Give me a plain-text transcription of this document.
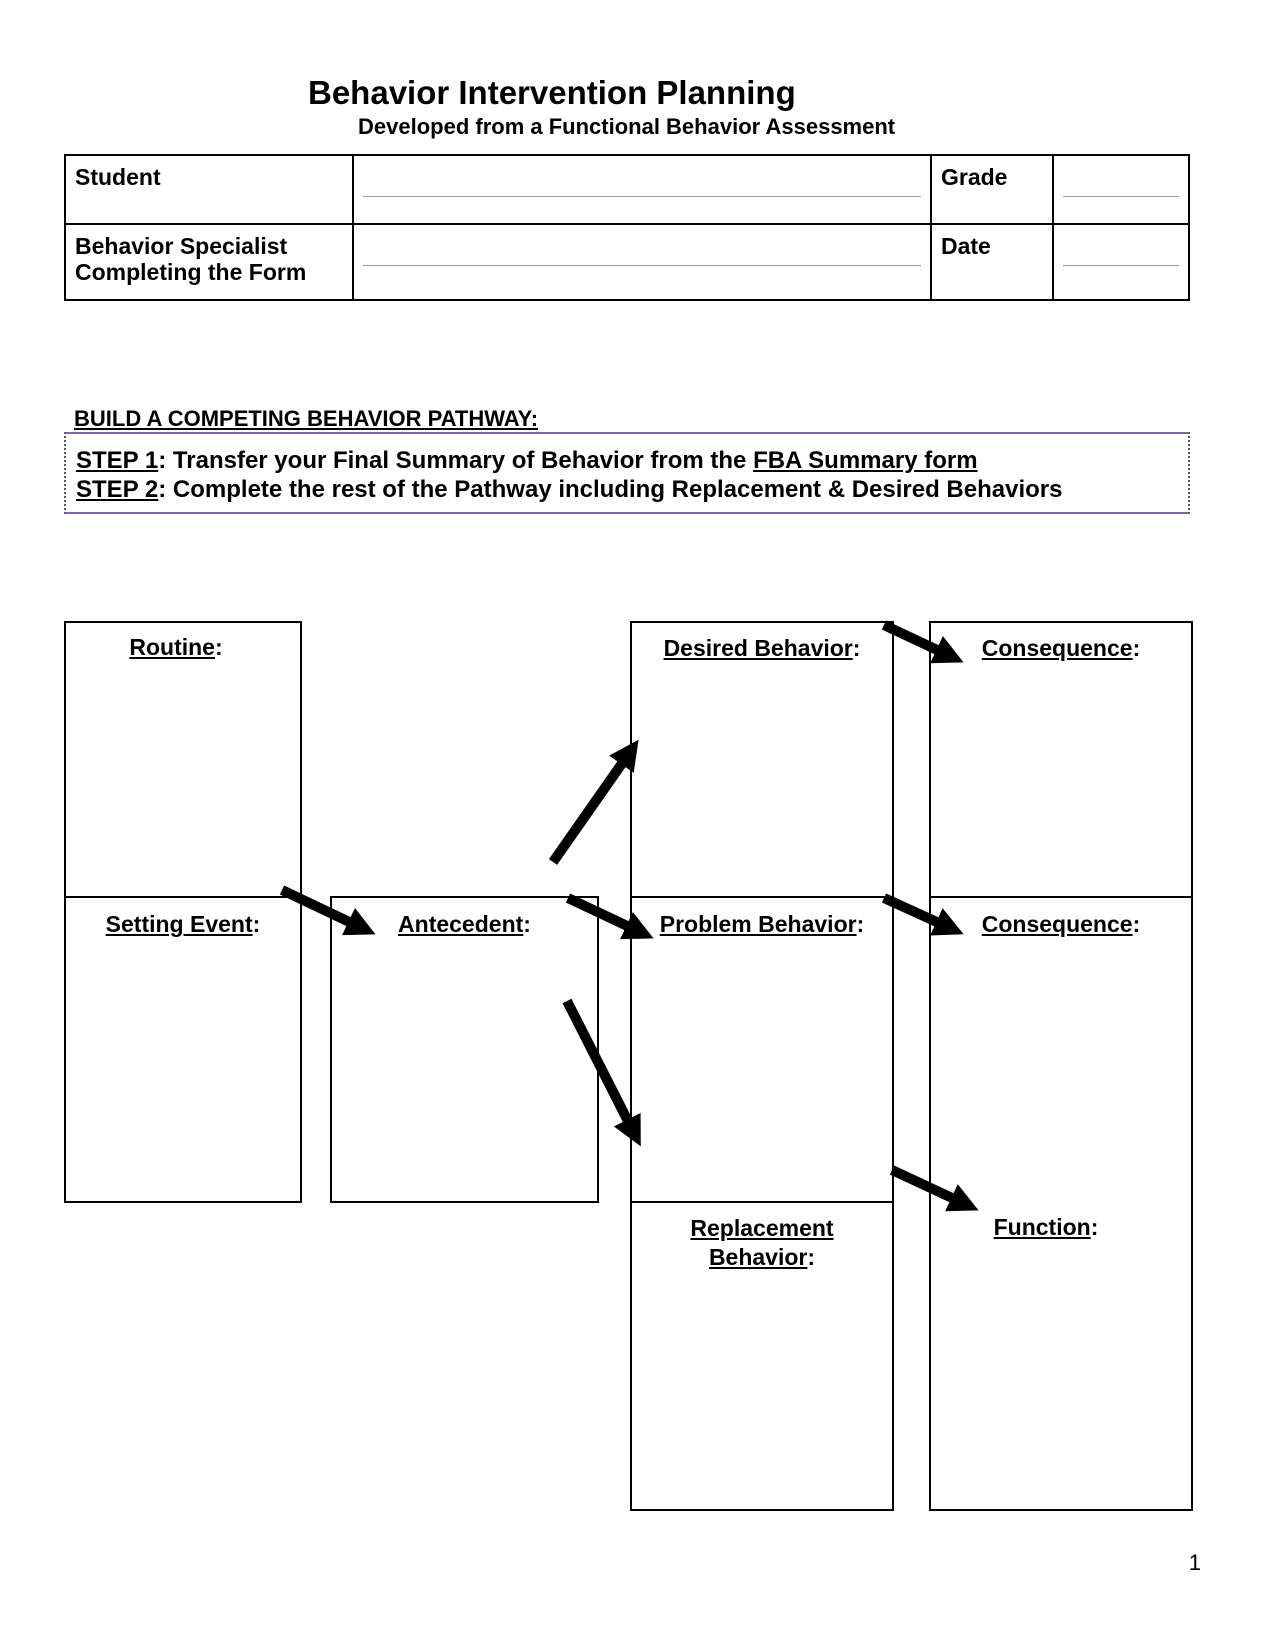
Behavior Intervention Planning
Developed from a Functional Behavior Assessment
Student		Grade	

Behavior Specialist
Completing the Form		Date	
BUILD A COMPETING BEHAVIOR PATHWAY:
STEP 1: Transfer your Final Summary of Behavior from the FBA Summary form
STEP 2: Complete the rest of the Pathway including Replacement & Desired Behaviors
Routine:
Setting Event:	Antecedent:
Desired Behavior:
Problem Behavior:
Replacement
Behavior:
Consequence:
Consequence:
Function:
1
